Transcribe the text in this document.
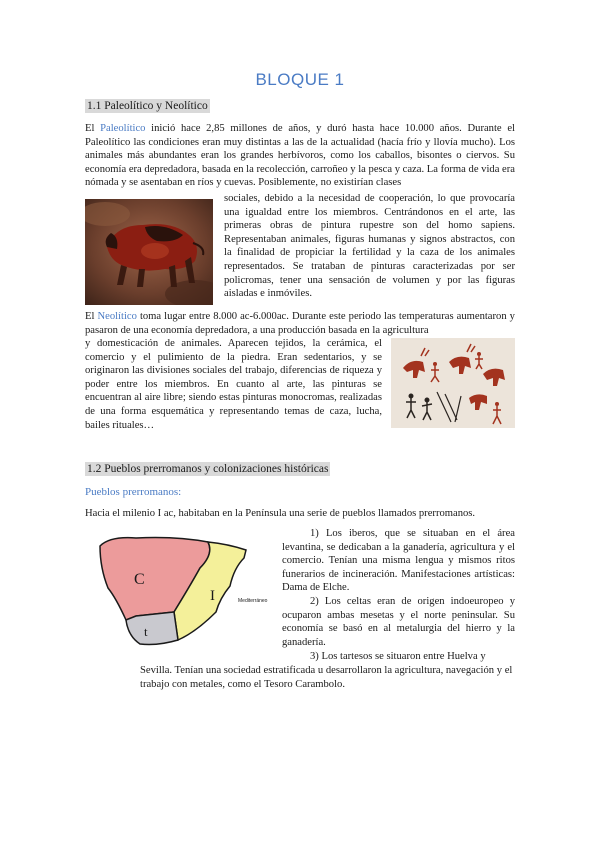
BLOQUE 1
1.1 Paleolítico y Neolítico

El Paleolítico inició hace 2,85 millones de años, y duró hasta hace 10.000 años. Durante el Paleolítico las condiciones eran muy distintas a las de la actualidad (hacía frío y llovía mucho). Los animales más abundantes eran los grandes herbívoros, como los caballos, bisontes o ciervos. Su economía era depredadora, basada en la recolección, carroñeo y la pesca y caza. La forma de vida era nómada y se asentaban en ríos y cuevas. Posiblemente, no existirían clases

sociales, debido a la necesidad de cooperación, lo que provocaría una igualdad entre los miembros. Centrándonos en el arte, las primeras obras de pintura rupestre son del homo sapiens. Representaban animales, figuras humanas y signos abstractos, con la finalidad de propiciar la fertilidad y la caza de los animales representados. Se trataban de pinturas caracterizadas por ser policromas, tener una sensación de volumen y por las figuras aisladas e inmóviles.

El Neolítico toma lugar entre 8.000 ac-6.000ac. Durante este periodo las temperaturas aumentaron y pasaron de una economía depredadora, a una producción basada en la agricultura

y domesticación de animales. Aparecen tejidos, la cerámica, el comercio y el pulimiento de la piedra. Eran sedentarios, y se originaron las divisiones sociales del trabajo, diferencias de riqueza y poder entre los miembros. En cuanto al arte, las pinturas se encuentran al aire libre; siendo estas pinturas monocromas, realizadas de una forma esquemática y representando temas de caza, lucha, bailes rituales…

1.2 Pueblos prerromanos y colonizaciones históricas
Pueblos prerromanos:

Hacia el milenio I ac, habitaban en la Península una serie de pueblos llamados prerromanos.

C
I
t
Mediterráneo

1) Los iberos, que se situaban en el área levantina, se dedicaban a la ganadería, agricultura y el comercio. Tenían una misma lengua y mismos ritos funerarios de incineración. Manifestaciones artísticas: Dama de Elche.

2) Los celtas eran de origen indoeuropeo y ocuparon ambas mesetas y el norte peninsular. Su economía se basó en al metalurgia del hierro y la ganadería.

3) Los tartesos se situaron entre Huelva y

Sevilla. Tenían una sociedad estratificada u desarrollaron la agricultura, navegación y el trabajo con metales, como el Tesoro Carambolo.
